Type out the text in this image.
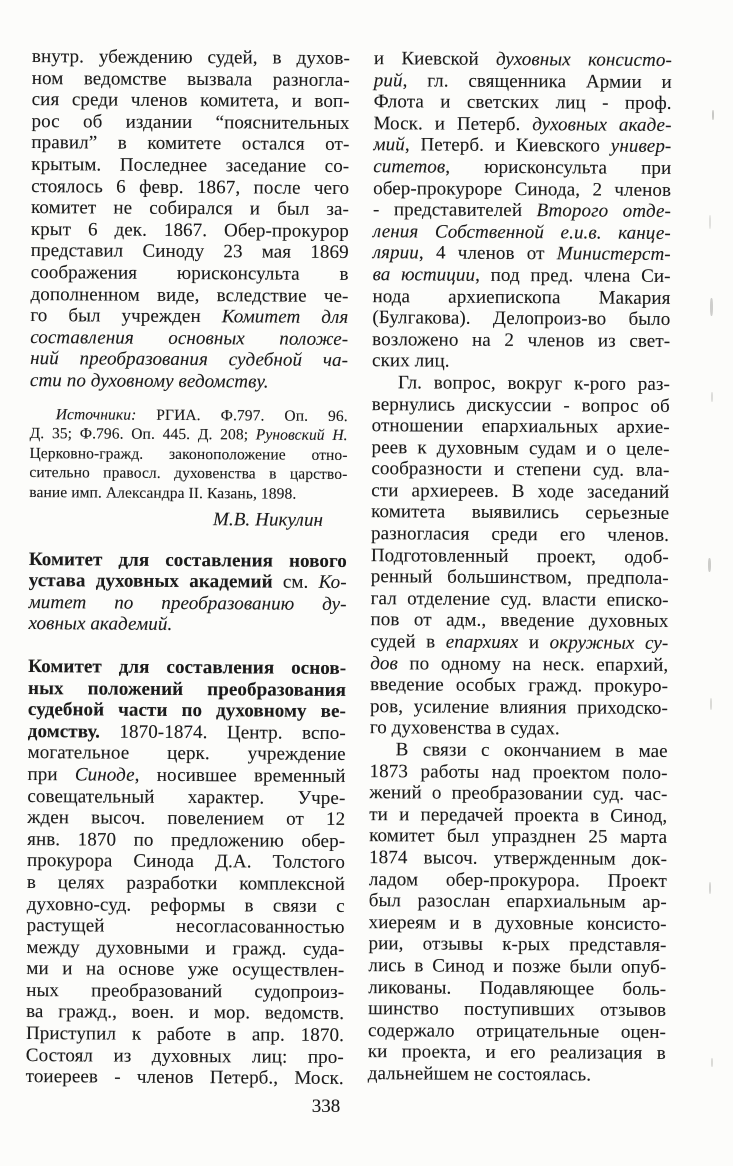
внутр. убеждению судей, в духов-
ном ведомстве вызвала разногла-
сия среди членов комитета, и воп-
рос об издании “пояснительных
правил” в комитете остался от-
крытым. Последнее заседание со-
стоялось 6 февр. 1867, после чего
комитет не собирался и был за-
крыт 6 дек. 1867. Обер-прокурор
представил Синоду 23 мая 1869
соображения юрисконсульта в
дополненном виде, вследствие че-
го был учрежден Комитет для
составления основных положе-
ний преобразования судебной ча-
сти по духовному ведомству.
Источники: РГИА. Ф.797. Оп. 96.
Д. 35; Ф.796. Оп. 445. Д. 208; Руновский Н.
Церковно-гражд. законоположение отно-
сительно правосл. духовенства в царство-
вание имп. Александра II. Казань, 1898.
М.В. Никулин
Комитет для составления нового
устава духовных академий см. Ко-
митет по преобразованию ду-
ховных академий.
Комитет для составления основ-
ных положений преобразования
судебной части по духовному ве-
домству. 1870-1874. Центр. вспо-
могательное церк. учреждение
при Синоде, носившее временный
совещательный характер. Учре-
жден высоч. повелением от 12
янв. 1870 по предложению обер-
прокурора Синода Д.А. Толстого
в целях разработки комплексной
духовно-суд. реформы в связи с
растущей несогласованностью
между духовными и гражд. суда-
ми и на основе уже осуществлен-
ных преобразований судопроиз-
ва гражд., воен. и мор. ведомств.
Приступил к работе в апр. 1870.
Состоял из духовных лиц: про-
тоиереев - членов Петерб., Моск.
и Киевской духовных консисто-
рий, гл. священника Армии и
Флота и светских лиц - проф.
Моск. и Петерб. духовных акаде-
мий, Петерб. и Киевского универ-
ситетов, юрисконсульта при
обер-прокуроре Синода, 2 членов
- представителей Второго отде-
ления Собственной е.и.в. канце-
лярии, 4 членов от Министерст-
ва юстиции, под пред. члена Си-
нода архиепископа Макария
(Булгакова). Делопроиз-во было
возложено на 2 членов из свет-
ских лиц.
Гл. вопрос, вокруг к-рого раз-
вернулись дискуссии - вопрос об
отношении епархиальных архие-
реев к духовным судам и о целе-
сообразности и степени суд. вла-
сти архиереев. В ходе заседаний
комитета выявились серьезные
разногласия среди его членов.
Подготовленный проект, одоб-
ренный большинством, предпола-
гал отделение суд. власти еписко-
пов от адм., введение духовных
судей в епархиях и окружных су-
дов по одному на неск. епархий,
введение особых гражд. прокуро-
ров, усиление влияния приходско-
го духовенства в судах.
В связи с окончанием в мае
1873 работы над проектом поло-
жений о преобразовании суд. час-
ти и передачей проекта в Синод,
комитет был упразднен 25 марта
1874 высоч. утвержденным док-
ладом обер-прокурора. Проект
был разослан епархиальным ар-
хиереям и в духовные консисто-
рии, отзывы к-рых представля-
лись в Синод и позже были опуб-
ликованы. Подавляющее боль-
шинство поступивших отзывов
содержало отрицательные оцен-
ки проекта, и его реализация в
дальнейшем не состоялась.
338
